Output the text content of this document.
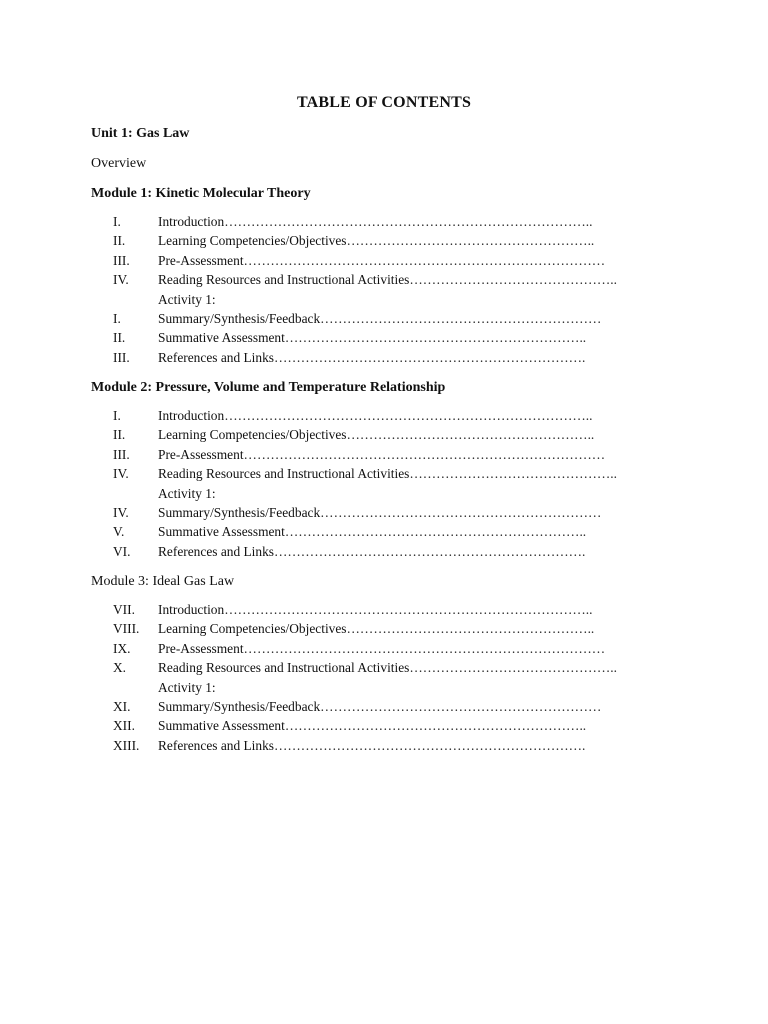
TABLE OF CONTENTS
Unit 1: Gas Law
Overview
Module 1: Kinetic Molecular Theory
I.	Introduction ………………………………………………………………………..
II.	Learning Competencies/Objectives ………………………………………………..
III.	Pre-Assessment ………………………………………………………………………
IV.	Reading Resources and Instructional Activities ………………………………………..
Activity 1:
I.	Summary/Synthesis/Feedback ………………………………………………………
II.	Summative Assessment …………………………………………………………..
III.	References and Links …………………………………………………………….
Module 2: Pressure, Volume and Temperature Relationship
I.	Introduction ………………………………………………………………………..
II.	Learning Competencies/Objectives ………………………………………………..
III.	Pre-Assessment ………………………………………………………………………
IV.	Reading Resources and Instructional Activities ………………………………………..
Activity 1:
IV.	Summary/Synthesis/Feedback ………………………………………………………
V.	Summative Assessment …………………………………………………………..
VI.	References and Links …………………………………………………………….
Module 3: Ideal Gas Law
VII.	Introduction ………………………………………………………………………..
VIII.	Learning Competencies/Objectives ………………………………………………..
IX.	Pre-Assessment ………………………………………………………………………
X.	Reading Resources and Instructional Activities ………………………………………..
Activity 1:
XI.	Summary/Synthesis/Feedback ………………………………………………………
XII.	Summative Assessment …………………………………………………………..
XIII.	References and Links …………………………………………………………….
